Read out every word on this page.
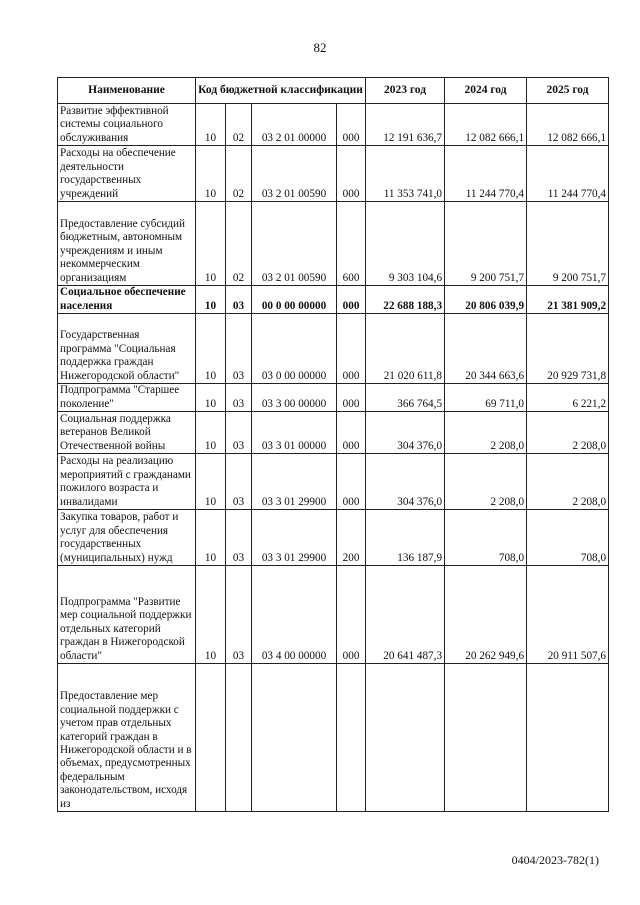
82
Наименование	Код бюджетной классификации				2023 год	2024 год	2025 год
Развитие эффективной системы социального обслуживания	10	02	03 2 01 00000	000	12 191 636,7	12 082 666,1	12 082 666,1
Расходы на обеспечение деятельности государственных учреждений	10	02	03 2 01 00590	000	11 353 741,0	11 244 770,4	11 244 770,4
Предоставление субсидий бюджетным, автономным учреждениям и иным некоммерческим организациям	10	02	03 2 01 00590	600	9 303 104,6	9 200 751,7	9 200 751,7
Социальное обеспечение населения	10	03	00 0 00 00000	000	22 688 188,3	20 806 039,9	21 381 909,2
Государственная программа "Социальная поддержка граждан Нижегородской области"	10	03	03 0 00 00000	000	21 020 611,8	20 344 663,6	20 929 731,8
Подпрограмма "Старшее поколение"	10	03	03 3 00 00000	000	366 764,5	69 711,0	6 221,2
Социальная поддержка ветеранов Великой Отечественной войны	10	03	03 3 01 00000	000	304 376,0	2 208,0	2 208,0
Расходы на реализацию мероприятий с гражданами пожилого возраста и инвалидами	10	03	03 3 01 29900	000	304 376,0	2 208,0	2 208,0
Закупка товаров, работ и услуг для обеспечения государственных (муниципальных) нужд	10	03	03 3 01 29900	200	136 187,9	708,0	708,0
Подпрограмма "Развитие мер социальной поддержки отдельных категорий граждан в Нижегородской области"	10	03	03 4 00 00000	000	20 641 487,3	20 262 949,6	20 911 507,6
Предоставление мер социальной поддержки с учетом прав отдельных категорий граждан в Нижегородской области и в объемах, предусмотренных федеральным законодательством, исходя из							
0404/2023-782(1)
